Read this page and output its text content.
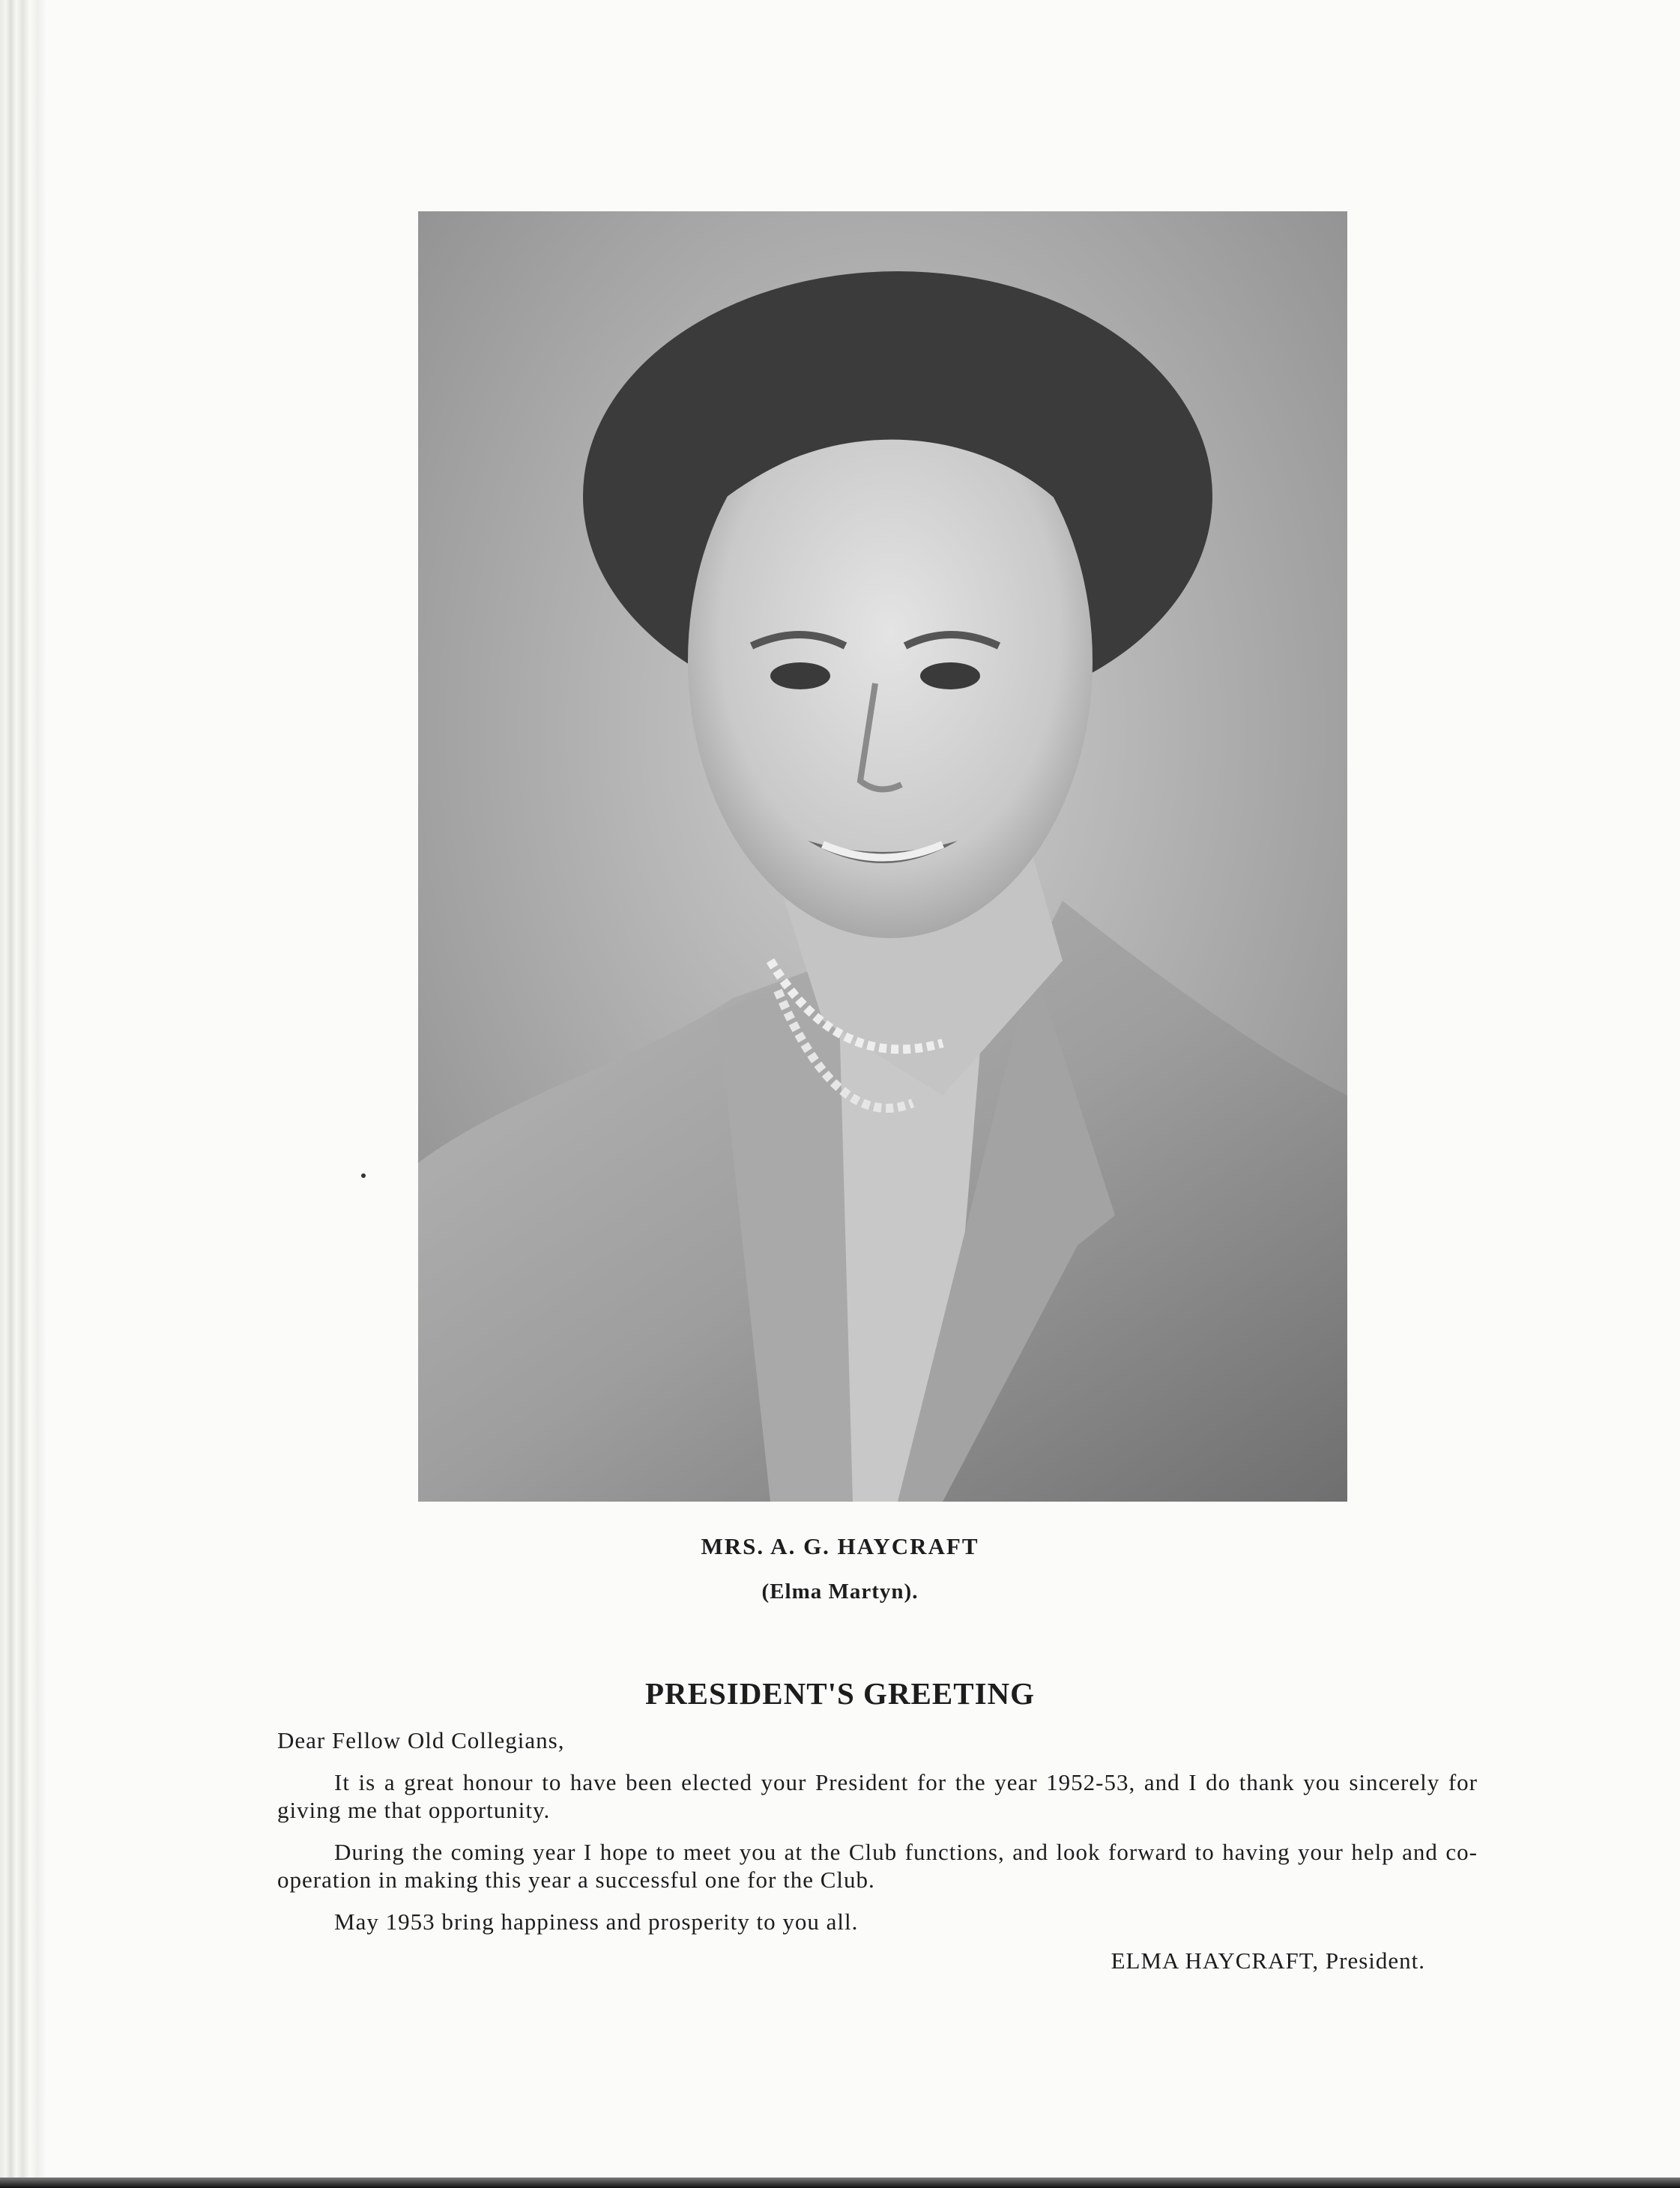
MRS. A. G. HAYCRAFT
(Elma Martyn).
PRESIDENT'S GREETING

Dear Fellow Old Collegians,

It is a great honour to have been elected your President for the year 1952-53, and I do thank you sincerely for giving me that opportunity.

During the coming year I hope to meet you at the Club functions, and look forward to having your help and co-operation in making this year a successful one for the Club.

May 1953 bring happiness and prosperity to you all.

ELMA HAYCRAFT, President.
